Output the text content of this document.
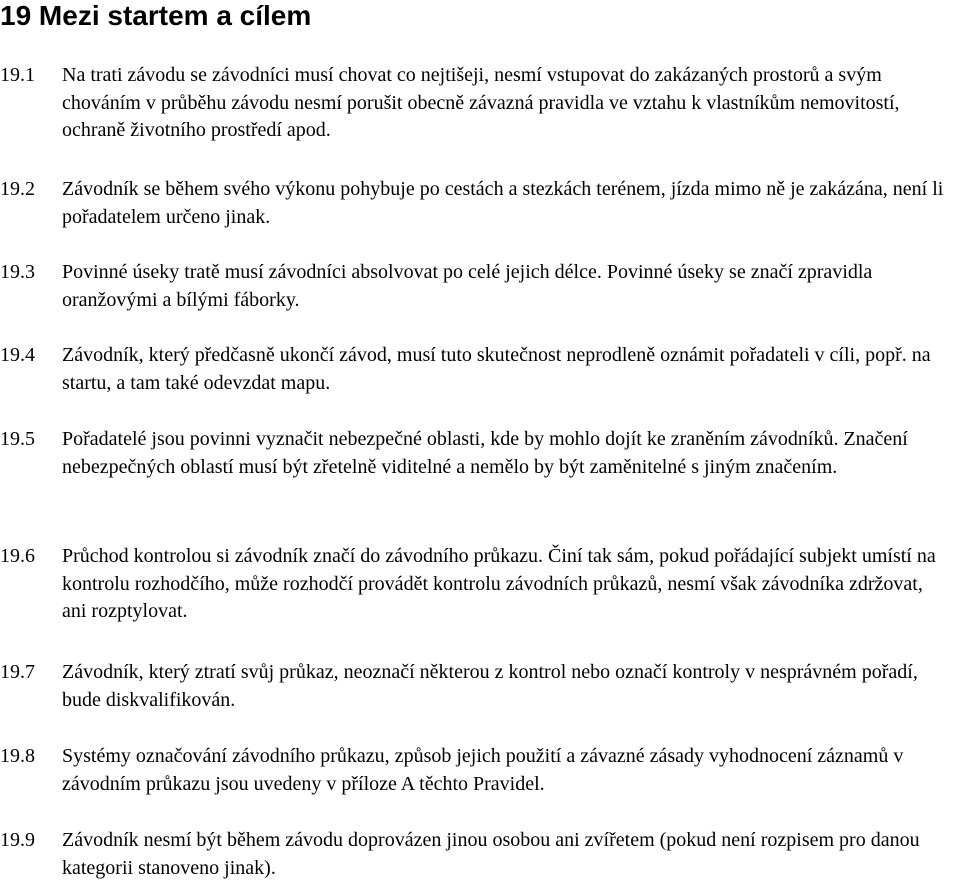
19 Mezi startem a cílem
19.1	Na trati závodu se závodníci musí chovat co nejtišeji, nesmí vstupovat do zakázaných prostorů a svým chováním v průběhu závodu nesmí porušit obecně závazná pravidla ve vztahu k vlastníkům nemovitostí, ochraně životního prostředí apod.
19.2	Závodník se během svého výkonu pohybuje po cestách a stezkách terénem, jízda mimo ně je zakázána, není li pořadatelem určeno jinak.
19.3	Povinné úseky tratě musí závodníci absolvovat po celé jejich délce. Povinné úseky se značí zpravidla oranžovými a bílými fáborky.
19.4	Závodník, který předčasně ukončí závod, musí tuto skutečnost neprodleně oznámit pořadateli v cíli, popř. na startu, a tam také odevzdat mapu.
19.5	Pořadatelé jsou povinni vyznačit nebezpečné oblasti, kde by mohlo dojít ke zraněním závodníků. Značení nebezpečných oblastí musí být zřetelně viditelné a nemělo by být zaměnitelné s jiným značením.
19.6	Průchod kontrolou si závodník značí do závodního průkazu. Činí tak sám, pokud pořádající subjekt umístí na kontrolu rozhodčího, může rozhodčí provádět kontrolu závodních průkazů, nesmí však závodníka zdržovat, ani rozptylovat.
19.7	Závodník, který ztratí svůj průkaz, neoznačí některou z kontrol nebo označí kontroly v nesprávném pořadí, bude diskvalifikován.
19.8	Systémy označování závodního průkazu, způsob jejich použití a závazné zásady vyhodnocení záznamů v závodním průkazu jsou uvedeny v příloze A těchto Pravidel.
19.9	Závodník nesmí být během závodu doprovázen jinou osobou ani zvířetem (pokud není rozpisem pro danou kategorii stanoveno jinak).
